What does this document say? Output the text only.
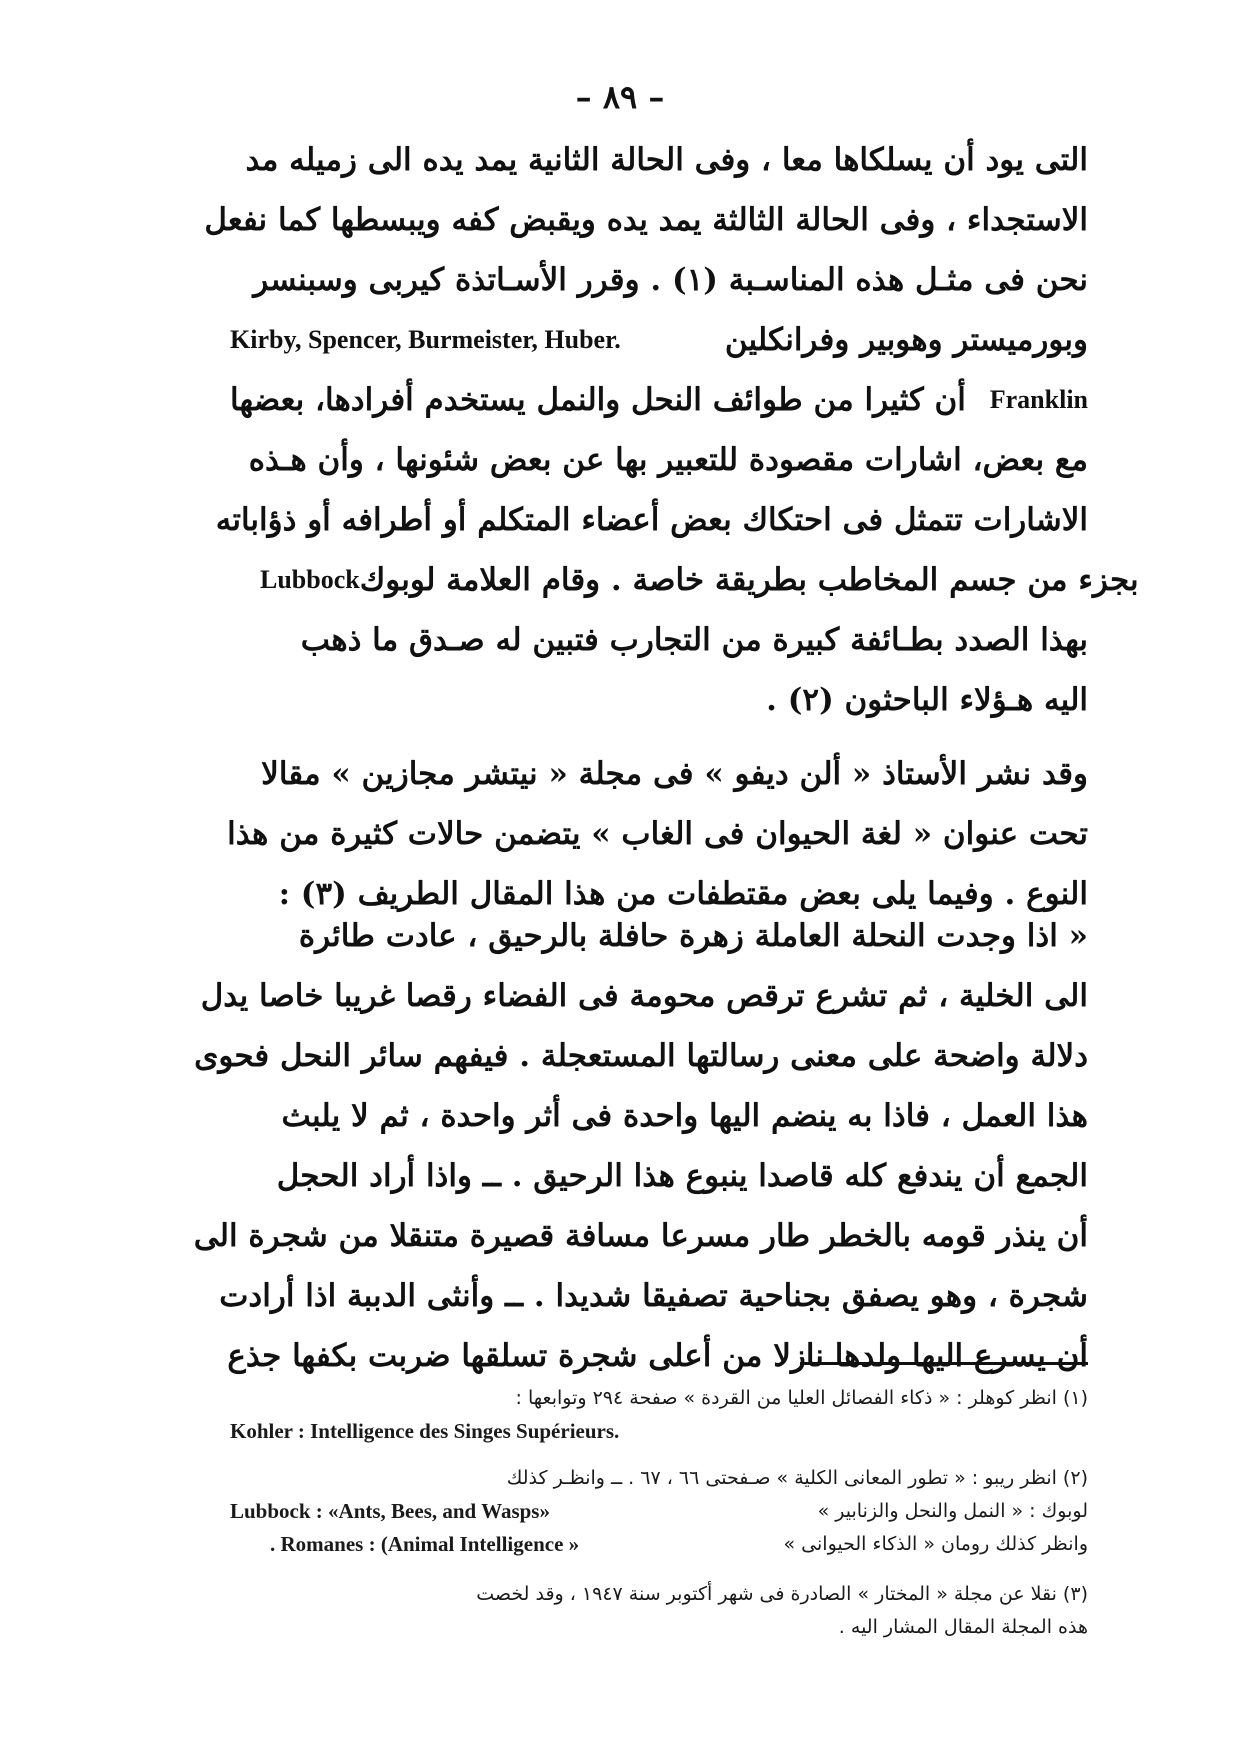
– ٨٩ –
التى يود أن يسلكاها معا ، وفى الحالة الثانية يمد يده الى زميله مد
الاستجداء ، وفى الحالة الثالثة يمد يده ويقبض كفه ويبسطها كما نفعل
نحن فى مثـل هذه المناسـبة (١) . وقرر الأسـاتذة كيربى وسبنسر
Kirby, Spencer, Burmeister, Huber.	وبورميستر وهوبير وفرانكلين
أن كثيرا من طوائف النحل والنمل يستخدم أفرادها، بعضها Franklin
مع بعض، اشارات مقصودة للتعبير بها عن بعض شئونها ، وأن هـذه
الاشارات تتمثل فى احتكاك بعض أعضاء المتكلم أو أطرافه أو ذؤاباته
Lubbock بجزء من جسم المخاطب بطريقة خاصة . وقام العلامة لوبوك
بهذا الصدد بطـائفة كبيرة من التجارب فتبين له صـدق ما ذهب
اليه هـؤلاء الباحثون (٢) .
وقد نشر الأستاذ « ألن ديفو » فى مجلة « نيتشر مجازين » مقالا
تحت عنوان « لغة الحيوان فى الغاب » يتضمن حالات كثيرة من هذا
النوع . وفيما يلى بعض مقتطفات من هذا المقال الطريف (٣) :
« اذا وجدت النحلة العاملة زهرة حافلة بالرحيق ، عادت طائرة
الى الخلية ، ثم تشرع ترقص محومة فى الفضاء رقصا غريبا خاصا يدل
دلالة واضحة على معنى رسالتها المستعجلة . فيفهم سائر النحل فحوى
هذا العمل ، فاذا به ينضم اليها واحدة فى أثر واحدة ، ثم لا يلبث
الجمع أن يندفع كله قاصدا ينبوع هذا الرحيق . ــ واذا أراد الحجل
أن ينذر قومه بالخطر طار مسرعا مسافة قصيرة متنقلا من شجرة الى
شجرة ، وهو يصفق بجناحية تصفيقا شديدا . ــ وأنثى الدببة اذا أرادت
أن يسرع اليها ولدها نازلا من أعلى شجرة تسلقها ضربت بكفها جذع
(١) انظر كوهلر : « ذكاء الفصائل العليا من القردة » صفحة ٢٩٤ وتوابعها :
Kohler : Intelligence des Singes Supérieurs.
(٢) انظر ريبو : « تطور المعانى الكلية » صـفحتى ٦٦ ، ٦٧ . ــ وانظـر كذلك
Lubbock : «Ants, Bees, and Wasps»	لوبوك : « النمل والنحل والزنابير »
. Romanes : (Animal Intelligence »	وانظر كذلك رومان « الذكاء الحيوانى »
(٣) نقلا عن مجلة « المختار » الصادرة فى شهر أكتوبر سنة ١٩٤٧ ، وقد لخصت
هذه المجلة المقال المشار اليه .
